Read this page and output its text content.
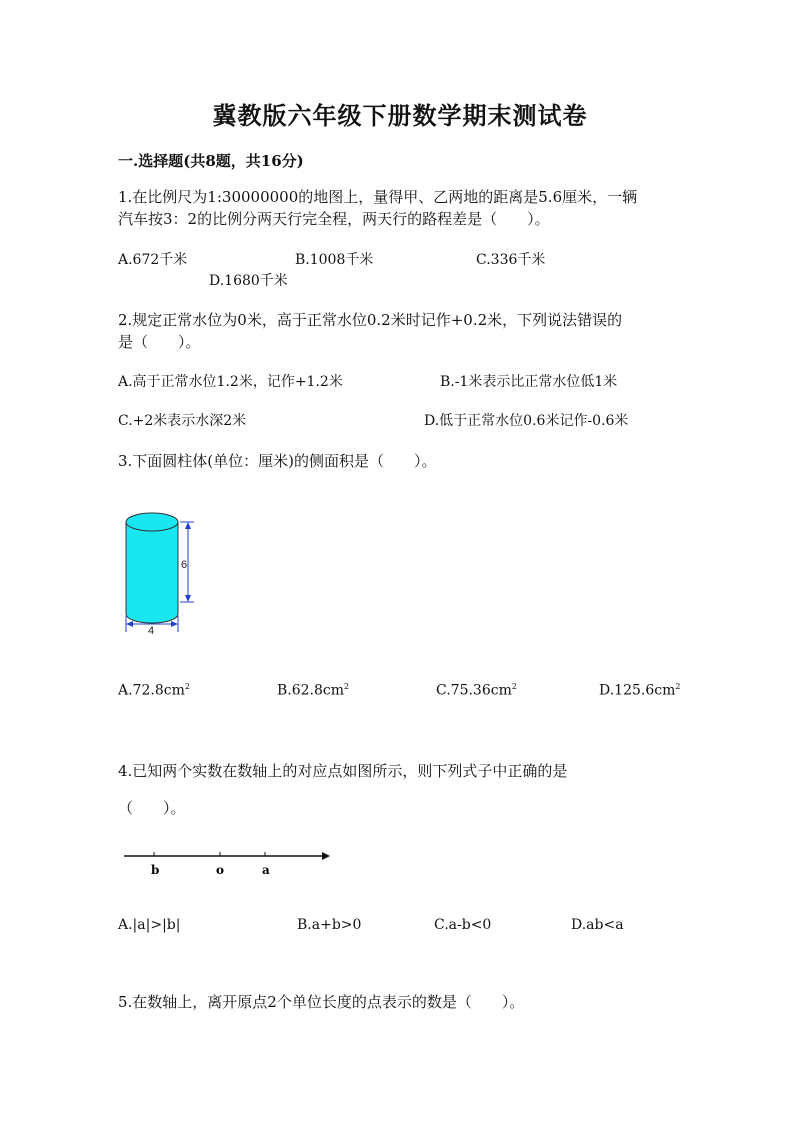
冀教版六年级下册数学期末测试卷
一.选择题(共8题，共16分)
1.在比例尺为1:30000000的地图上，量得甲、乙两地的距离是5.6厘米，一辆
汽车按3：2的比例分两天行完全程，两天行的路程差是（　　）。
A.672千米	B.1008千米	C.336千米
D.1680千米
2.规定正常水位为0米，高于正常水位0.2米时记作+0.2米，下列说法错误的
是（　　）。
A.高于正常水位1.2米，记作+1.2米	B.-1米表示比正常水位低1米
C.+2米表示水深2米	D.低于正常水位0.6米记作-0.6米
3.下面圆柱体(单位：厘米)的侧面积是（　　）。
6
4
$A.72.8cm^2$	$B.62.8cm^2$	$C.75.36cm^2$	$D.125.6cm^2$
4.已知两个实数在数轴上的对应点如图所示，则下列式子中正确的是
（　　）。
b	o	a
A.|a|>|b|	B.a+b>0	C.a-b<0	D.ab<a
5.在数轴上，离开原点2个单位长度的点表示的数是（　　）。
